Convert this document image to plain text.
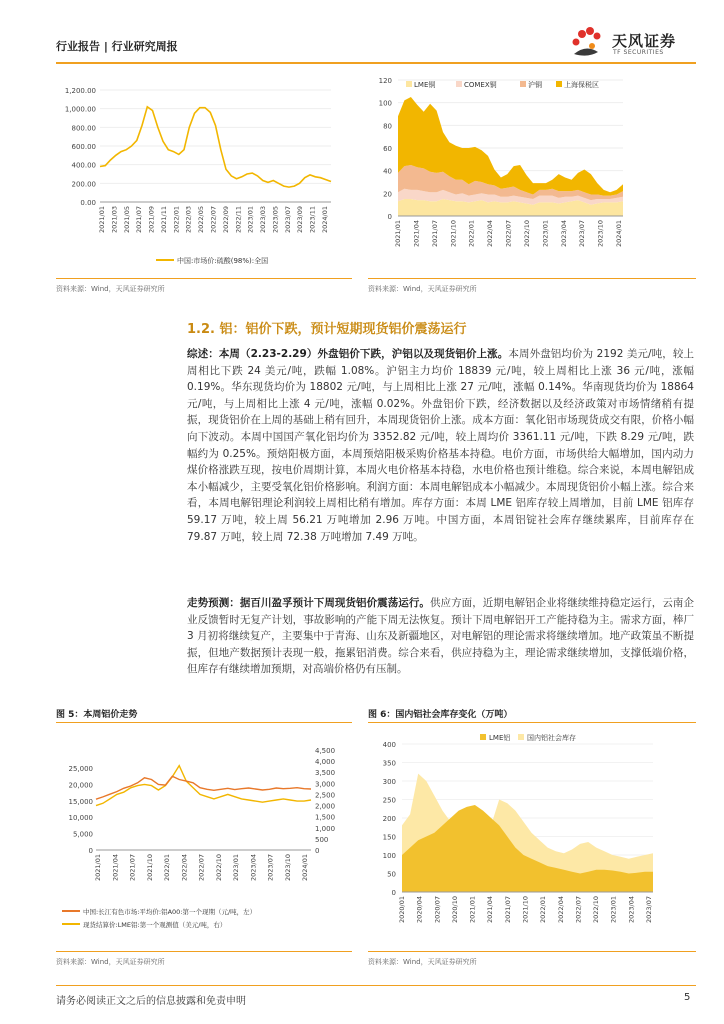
行业报告 | 行业研究周报	天风证券
TF SECURITIES
0.00
200.00
400.00
600.00
800.00
1,000.00
1,200.00
2021/01 2021/03 2021/05 2021/07 2021/09 2021/11 2022/01 2022/03 2022/05 2022/07 2022/09 2022/11 2023/01 2023/03 2023/05 2023/07 2023/09 2023/11 2024/01
中国:市场价:硫酸(98%):全国
资料来源：Wind，天风证券研究所
0
20
40
60
80
100
120
2021/01 2021/04 2021/07 2021/10 2022/01 2022/04 2022/07 2022/10 2023/01 2023/04 2023/07 2023/10 2024/01
LME铜	COMEX铜	沪铜	上海保税区
资料来源：Wind，天风证券研究所
1.2. 铝：铝价下跌，预计短期现货铝价震荡运行
综述：本周（2.23-2.29）外盘铝价下跌，沪铝以及现货铝价上涨。本周外盘铝均价为 2192 美元/吨，较上周相比下跌 24 美元/吨，跌幅 1.08%。沪铝主力均价 18839 元/吨，较上周相比上涨 36 元/吨，涨幅 0.19%。华东现货均价为 18802 元/吨，与上周相比上涨 27 元/吨，涨幅 0.14%。华南现货均价为 18864 元/吨，与上周相比上涨 4 元/吨，涨幅 0.02%。外盘铝价下跌，经济数据以及经济政策对市场情绪稍有提振，现货铝价在上周的基础上稍有回升，本周现货铝价上涨。成本方面：氧化铝市场现货成交有限，价格小幅向下波动。本周中国国产氧化铝均价为 3352.82 元/吨，较上周均价 3361.11 元/吨，下跌 8.29 元/吨，跌幅约为 0.25%。预焙阳极方面，本周预焙阳极采购价格基本持稳。电价方面，市场供给大幅增加，国内动力煤价格涨跌互现，按电价周期计算，本周火电价格基本持稳，水电价格也预计维稳。综合来说，本周电解铝成本小幅减少，主要受氧化铝价格影响。利润方面：本周电解铝成本小幅减少。本周现货铝价小幅上涨。综合来看，本周电解铝理论利润较上周相比稍有增加。库存方面：本周 LME 铝库存较上周增加，目前 LME 铝库存 59.17 万吨，较上周 56.21 万吨增加 2.96 万吨。中国方面，本周铝锭社会库存继续累库，目前库存在 79.87 万吨，较上周 72.38 万吨增加 7.49 万吨。
走势预测：据百川盈孚预计下周现货铝价震荡运行。供应方面，近期电解铝企业将继续维持稳定运行，云南企业反馈暂时无复产计划，事故影响的产能下周无法恢复。预计下周电解铝开工产能持稳为主。需求方面，棒厂 3 月初将继续复产，主要集中于青海、山东及新疆地区，对电解铝的理论需求将继续增加。地产政策虽不断提振，但地产数据预计表现一般，拖累铝消费。综合来看，供应持稳为主，理论需求继续增加，支撑低端价格，但库存有继续增加预期，对高端价格仍有压制。
图 5：本周铝价走势
0
5,000
10,000
15,000
20,000
25,000
0
500
1,000
1,500
2,000
2,500
3,000
3,500
4,000
4,500
2021/01 2021/04 2021/07 2021/10 2022/01 2022/04 2022/07 2022/10 2023/01 2023/04 2023/07 2023/10 2024/01
中国:长江有色市场:平均价:铝A00:第一个现期（元/吨，左）
现货结算价:LME铝:第一个观测值（美元/吨，右）
资料来源：Wind，天风证券研究所
图 6：国内铝社会库存变化（万吨）
0
50
100
150
200
250
300
350
400
2020/01 2020/04 2020/07 2020/10 2021/01 2021/04 2021/07 2021/10 2022/01 2022/04 2022/07 2022/10 2023/01 2023/04 2023/07
LME铝 国内铝社会库存
资料来源：Wind，天风证券研究所
请务必阅读正文之后的信息披露和免责申明	5
